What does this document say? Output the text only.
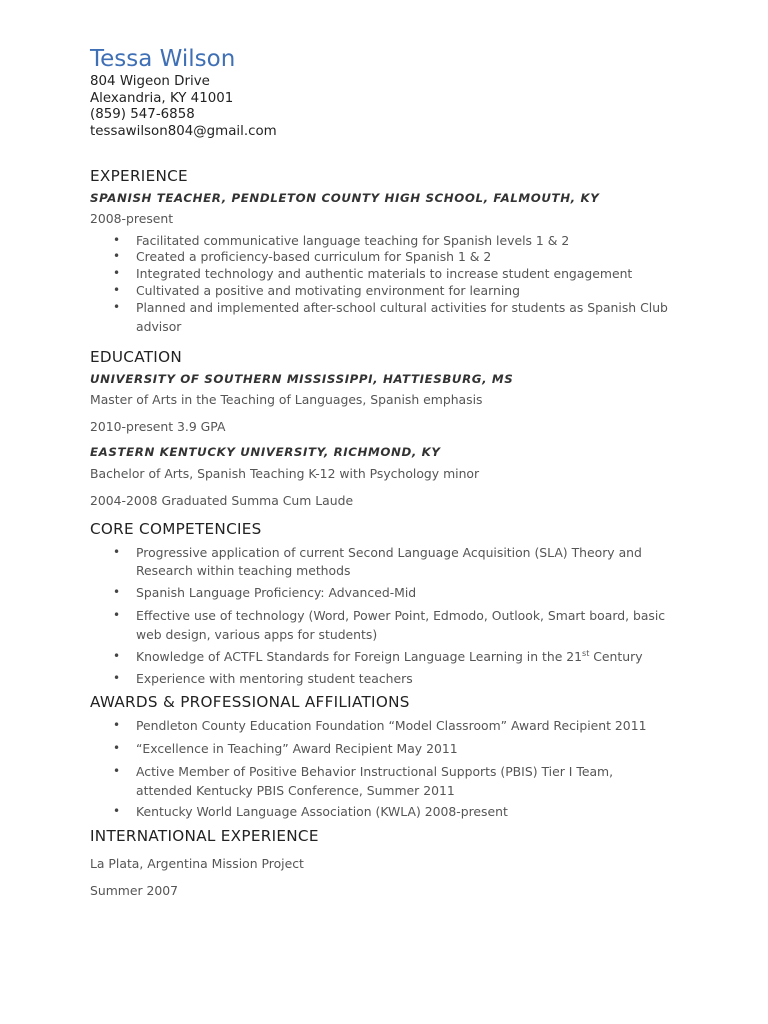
Tessa Wilson
804 Wigeon Drive
Alexandria, KY 41001
(859) 547-6858
tessawilson804@gmail.com
EXPERIENCE
SPANISH TEACHER, PENDLETON COUNTY HIGH SCHOOL, FALMOUTH, KY
2008-present
• Facilitated communicative language teaching for Spanish levels 1 & 2
• Created a proficiency-based curriculum for Spanish 1 & 2
• Integrated technology and authentic materials to increase student engagement
• Cultivated a positive and motivating environment for learning
• Planned and implemented after-school cultural activities for students as Spanish Club
advisor
EDUCATION
UNIVERSITY OF SOUTHERN MISSISSIPPI, HATTIESBURG, MS
Master of Arts in the Teaching of Languages, Spanish emphasis
2010-present 3.9 GPA
EASTERN KENTUCKY UNIVERSITY, RICHMOND, KY
Bachelor of Arts, Spanish Teaching K-12 with Psychology minor
2004-2008 Graduated Summa Cum Laude
CORE COMPETENCIES
• Progressive application of current Second Language Acquisition (SLA) Theory and
Research within teaching methods
• Spanish Language Proficiency: Advanced-Mid
• Effective use of technology (Word, Power Point, Edmodo, Outlook, Smart board, basic
web design, various apps for students)
• Knowledge of ACTFL Standards for Foreign Language Learning in the 21st Century
• Experience with mentoring student teachers
AWARDS & PROFESSIONAL AFFILIATIONS
• Pendleton County Education Foundation “Model Classroom” Award Recipient 2011
• “Excellence in Teaching” Award Recipient May 2011
• Active Member of Positive Behavior Instructional Supports (PBIS) Tier I Team,
attended Kentucky PBIS Conference, Summer 2011
• Kentucky World Language Association (KWLA) 2008-present
INTERNATIONAL EXPERIENCE
La Plata, Argentina Mission Project
Summer 2007
